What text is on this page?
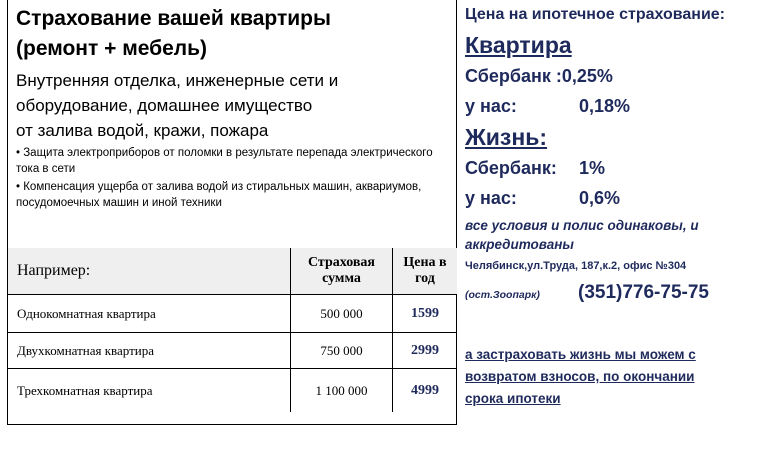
Страхование вашей квартиры
(ремонт + мебель)
Внутренняя отделка, инженерные сети и
оборудование, домашнее имущество
от залива водой, кражи, пожара
• Защита электроприборов от поломки в результате перепада электрического тока в сети
• Компенсация ущерба от залива водой из стиральных машин, аквариумов, посудомоечных машин и иной техники
Например:	Страховая сумма	Цена в год
Однокомнатная квартира	500 000	1599
Двухкомнатная квартира	750 000	2999
Трехкомнатная квартира	1 100 000	4999
Цена на ипотечное страхование:
Квартира
Сбербанк :0,25%
у нас:	0,18%
Жизнь:
Сбербанк: 1%
у нас:	0,6%
все условия и полис одинаковы, и
аккредитованы
Челябинск,ул.Труда, 187,к.2, офис №304
(ост.Зоопарк) (351)776-75-75
а застраховать жизнь мы можем с
возвратом взносов, по окончании
срока ипотеки
